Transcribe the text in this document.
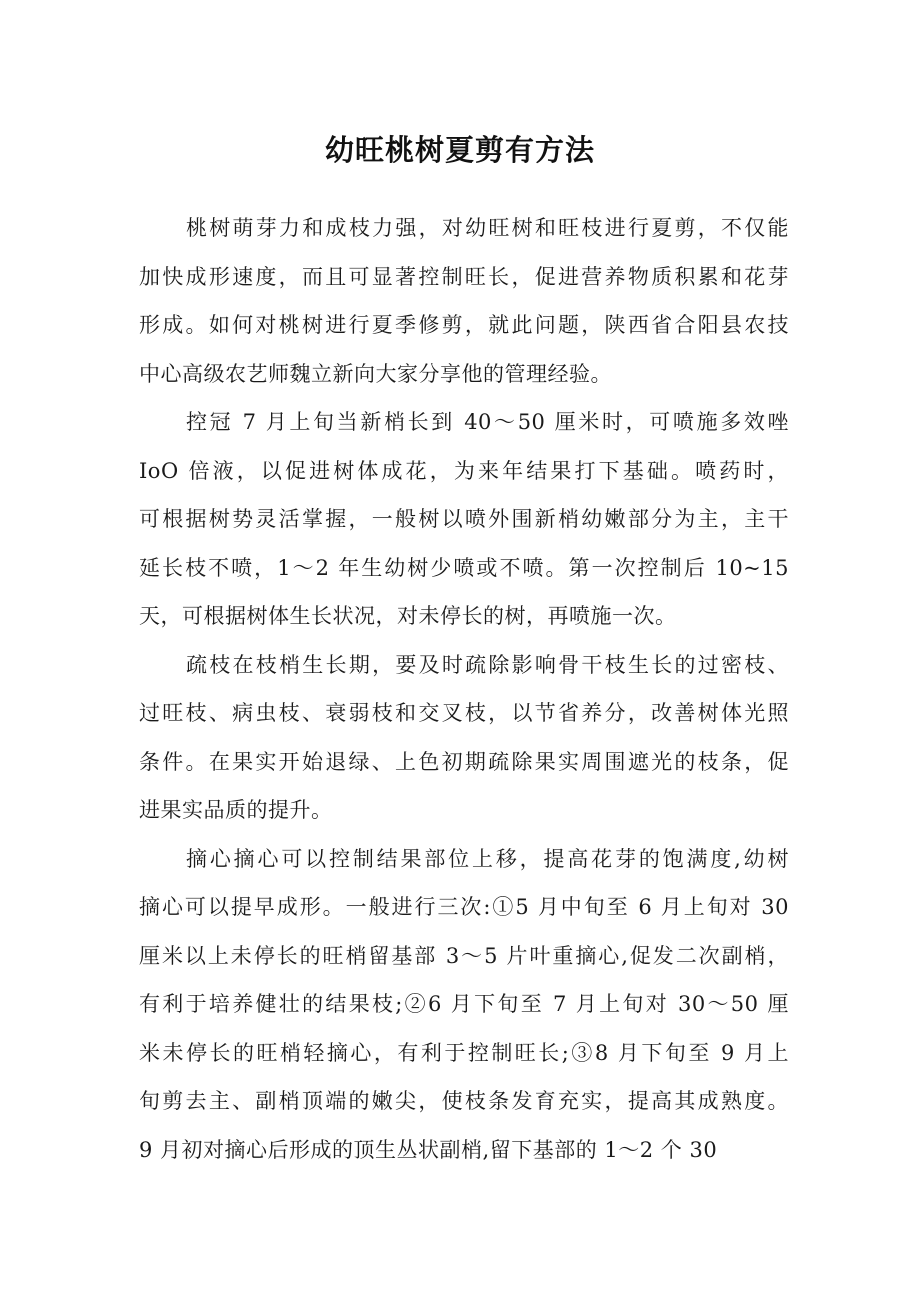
幼旺桃树夏剪有方法
桃树萌芽力和成枝力强，对幼旺树和旺枝进行夏剪，不仅能
加快成形速度，而且可显著控制旺长，促进营养物质积累和花芽
形成。如何对桃树进行夏季修剪，就此问题，陕西省合阳县农技
中心高级农艺师魏立新向大家分享他的管理经验。
控冠 7 月上旬当新梢长到 40～50 厘米时，可喷施多效唑
IoO 倍液，以促进树体成花，为来年结果打下基础。喷药时，
可根据树势灵活掌握，一般树以喷外围新梢幼嫩部分为主，主干
延长枝不喷，1～2 年生幼树少喷或不喷。第一次控制后 10~15
天，可根据树体生长状况，对未停长的树，再喷施一次。
疏枝在枝梢生长期，要及时疏除影响骨干枝生长的过密枝、
过旺枝、病虫枝、衰弱枝和交叉枝，以节省养分，改善树体光照
条件。在果实开始退绿、上色初期疏除果实周围遮光的枝条，促
进果实品质的提升。
摘心摘心可以控制结果部位上移，提高花芽的饱满度,幼树
摘心可以提早成形。一般进行三次:①5 月中旬至 6 月上旬对 30
厘米以上未停长的旺梢留基部 3～5 片叶重摘心,促发二次副梢，
有利于培养健壮的结果枝;②6 月下旬至 7 月上旬对 30～50 厘
米未停长的旺梢轻摘心，有利于控制旺长;③8 月下旬至 9 月上
旬剪去主、副梢顶端的嫩尖，使枝条发育充实，提高其成熟度。
9 月初对摘心后形成的顶生丛状副梢,留下基部的 1～2 个 30
